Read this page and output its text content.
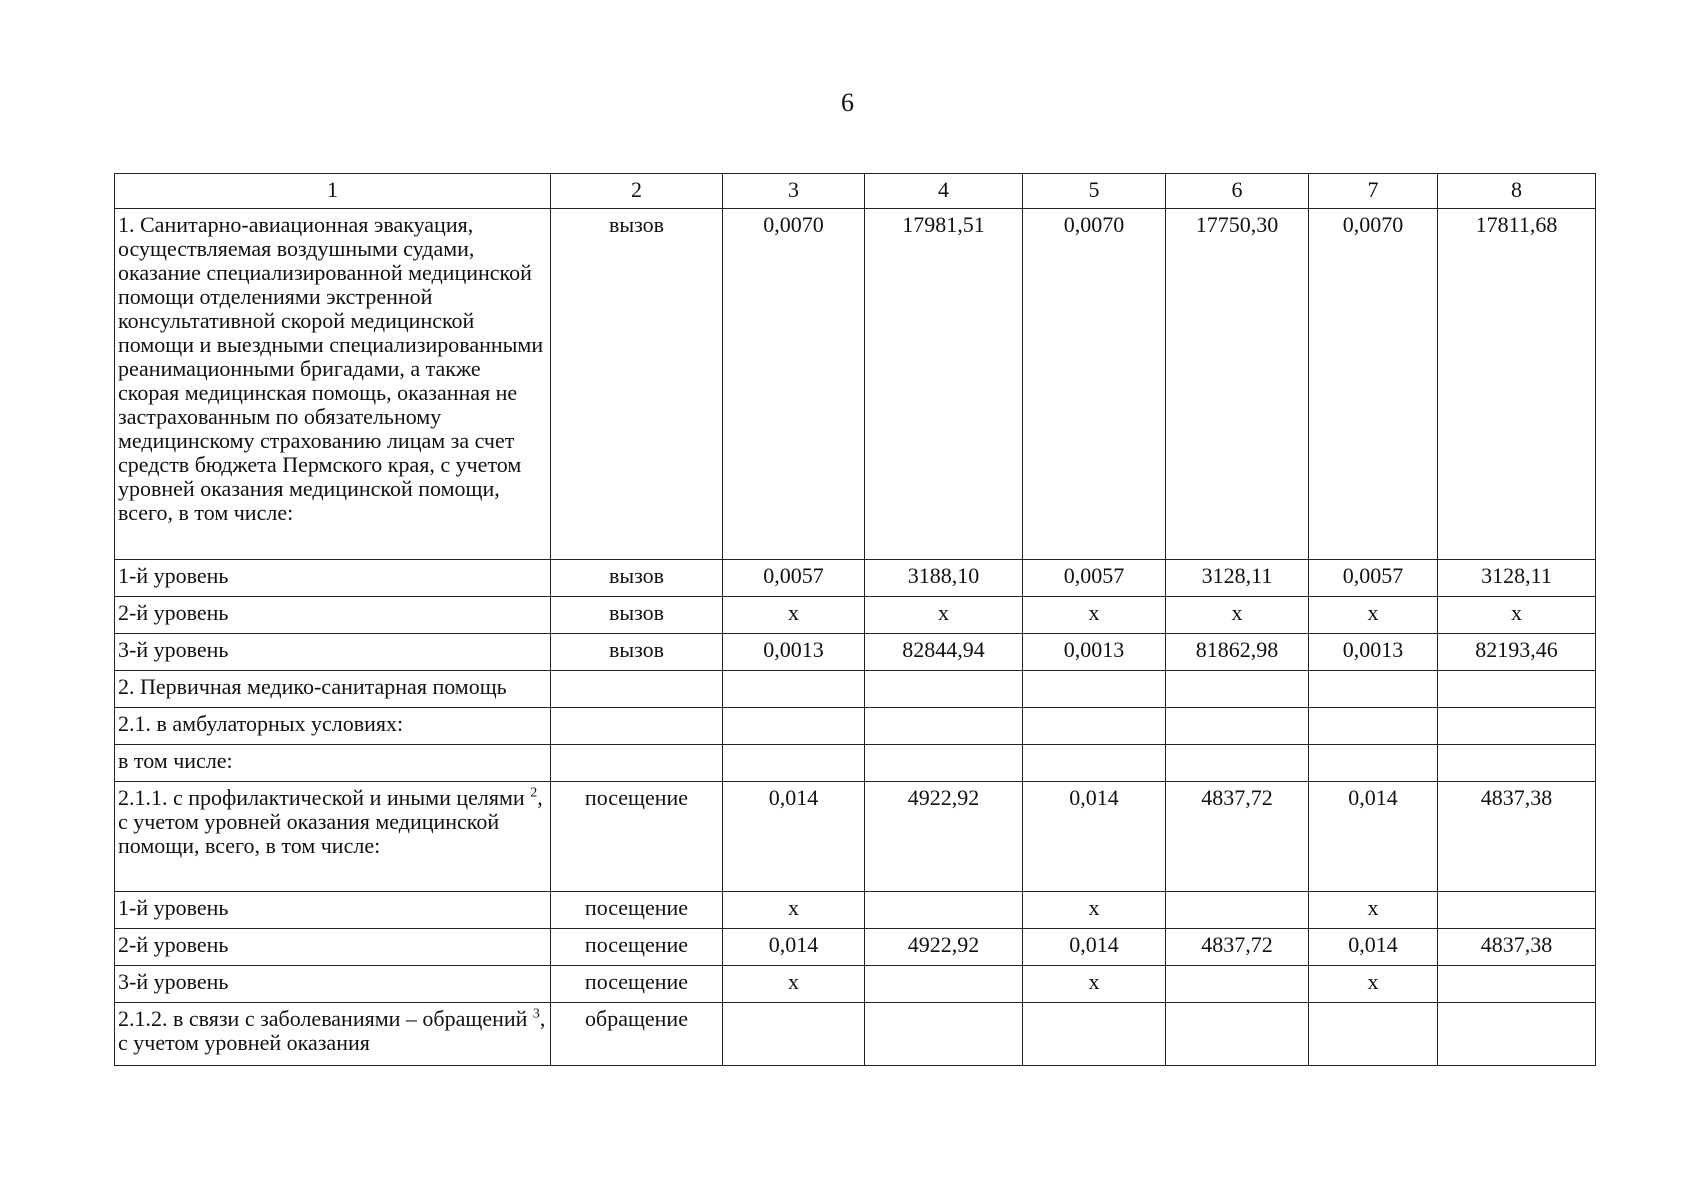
6
1	2	3	4	5	6	7	8
1. Санитарно-авиационная эвакуация, осуществляемая воздушными судами, оказание специализированной медицинской помощи отделениями экстренной консультативной скорой медицинской помощи и выездными специализированными реанимационными бригадами, а также скорая медицинская помощь, оказанная не застрахованным по обязательному медицинскому страхованию лицам за счет средств бюджета Пермского края, с учетом уровней оказания медицинской помощи, всего, в том числе:	вызов	0,0070	17981,51	0,0070	17750,30	0,0070	17811,68
1-й уровень	вызов	0,0057	3188,10	0,0057	3128,11	0,0057	3128,11
2-й уровень	вызов	x	x	x	x	x	x
3-й уровень	вызов	0,0013	82844,94	0,0013	81862,98	0,0013	82193,46
2. Первичная медико-санитарная помощь							
2.1. в амбулаторных условиях:							
в том числе:							
2.1.1. с профилактической и иными целями $^2$, с учетом уровней оказания медицинской помощи, всего, в том числе:	посещение	0,014	4922,92	0,014	4837,72	0,014	4837,38
1-й уровень	посещение	x		x		x	
2-й уровень	посещение	0,014	4922,92	0,014	4837,72	0,014	4837,38
3-й уровень	посещение	x		x		x	
2.1.2. в связи с заболеваниями – обращений $^3$, с учетом уровней оказания	обращение						
